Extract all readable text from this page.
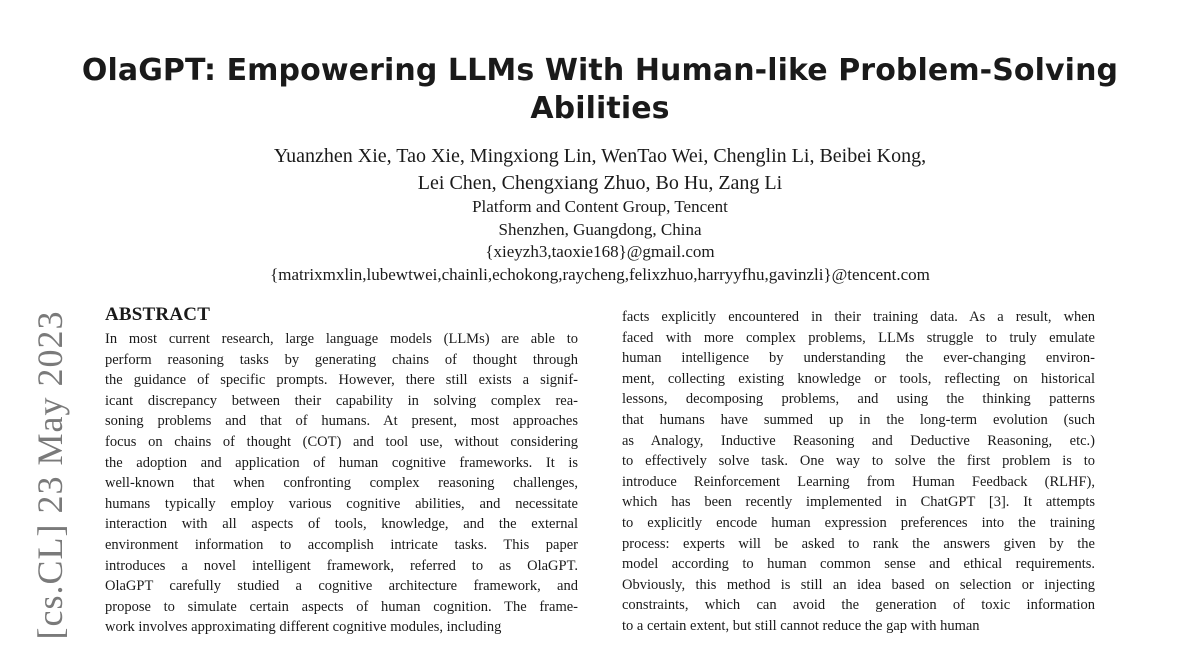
OlaGPT: Empowering LLMs With Human-like Problem-Solving
Abilities
Yuanzhen Xie, Tao Xie, Mingxiong Lin, WenTao Wei, Chenglin Li, Beibei Kong,
Lei Chen, Chengxiang Zhuo, Bo Hu, Zang Li
Platform and Content Group, Tencent
Shenzhen, Guangdong, China
{xieyzh3,taoxie168}@gmail.com
{matrixmxlin,lubewtwei,chainli,echokong,raycheng,felixzhuo,harryyfhu,gavinzli}@tencent.com
[cs.CL] 23 May 2023 ABSTRACT
In most current research, large language models (LLMs) are able to
perform reasoning tasks by generating chains of thought through
the guidance of specific prompts. However, there still exists a signif-
icant discrepancy between their capability in solving complex rea-
soning problems and that of humans. At present, most approaches
focus on chains of thought (COT) and tool use, without considering
the adoption and application of human cognitive frameworks. It is
well-known that when confronting complex reasoning challenges,
humans typically employ various cognitive abilities, and necessitate
interaction with all aspects of tools, knowledge, and the external
environment information to accomplish intricate tasks. This paper
introduces a novel intelligent framework, referred to as OlaGPT.
OlaGPT carefully studied a cognitive architecture framework, and
propose to simulate certain aspects of human cognition. The frame-
work involves approximating different cognitive modules, including
facts explicitly encountered in their training data. As a result, when
faced with more complex problems, LLMs struggle to truly emulate
human intelligence by understanding the ever-changing environ-
ment, collecting existing knowledge or tools, reflecting on historical
lessons, decomposing problems, and using the thinking patterns
that humans have summed up in the long-term evolution (such
as Analogy, Inductive Reasoning and Deductive Reasoning, etc.)
to effectively solve task. One way to solve the first problem is to
introduce Reinforcement Learning from Human Feedback (RLHF),
which has been recently implemented in ChatGPT [3]. It attempts
to explicitly encode human expression preferences into the training
process: experts will be asked to rank the answers given by the
model according to human common sense and ethical requirements.
Obviously, this method is still an idea based on selection or injecting
constraints, which can avoid the generation of toxic information
to a certain extent, but still cannot reduce the gap with human
